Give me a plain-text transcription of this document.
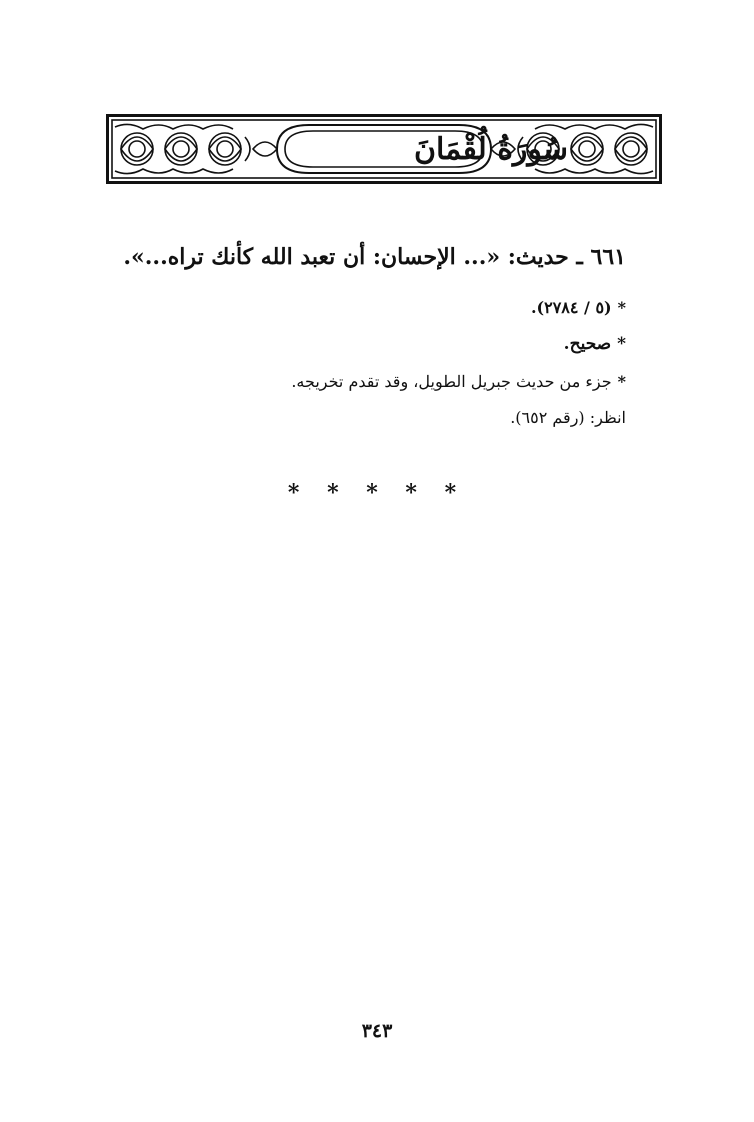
سُورَةُ لُقْمَانَ
٦٦١ ـ حديث: «... الإحسان: أن تعبد الله كأنك تراه...».
*(٥ / ٢٧٨٤).
*صحيح.
*جزء من حديث جبريل الطويل، وقد تقدم تخريجه.
انظر: (رقم ٦٥٢).
* * * * *
٣٤٣
